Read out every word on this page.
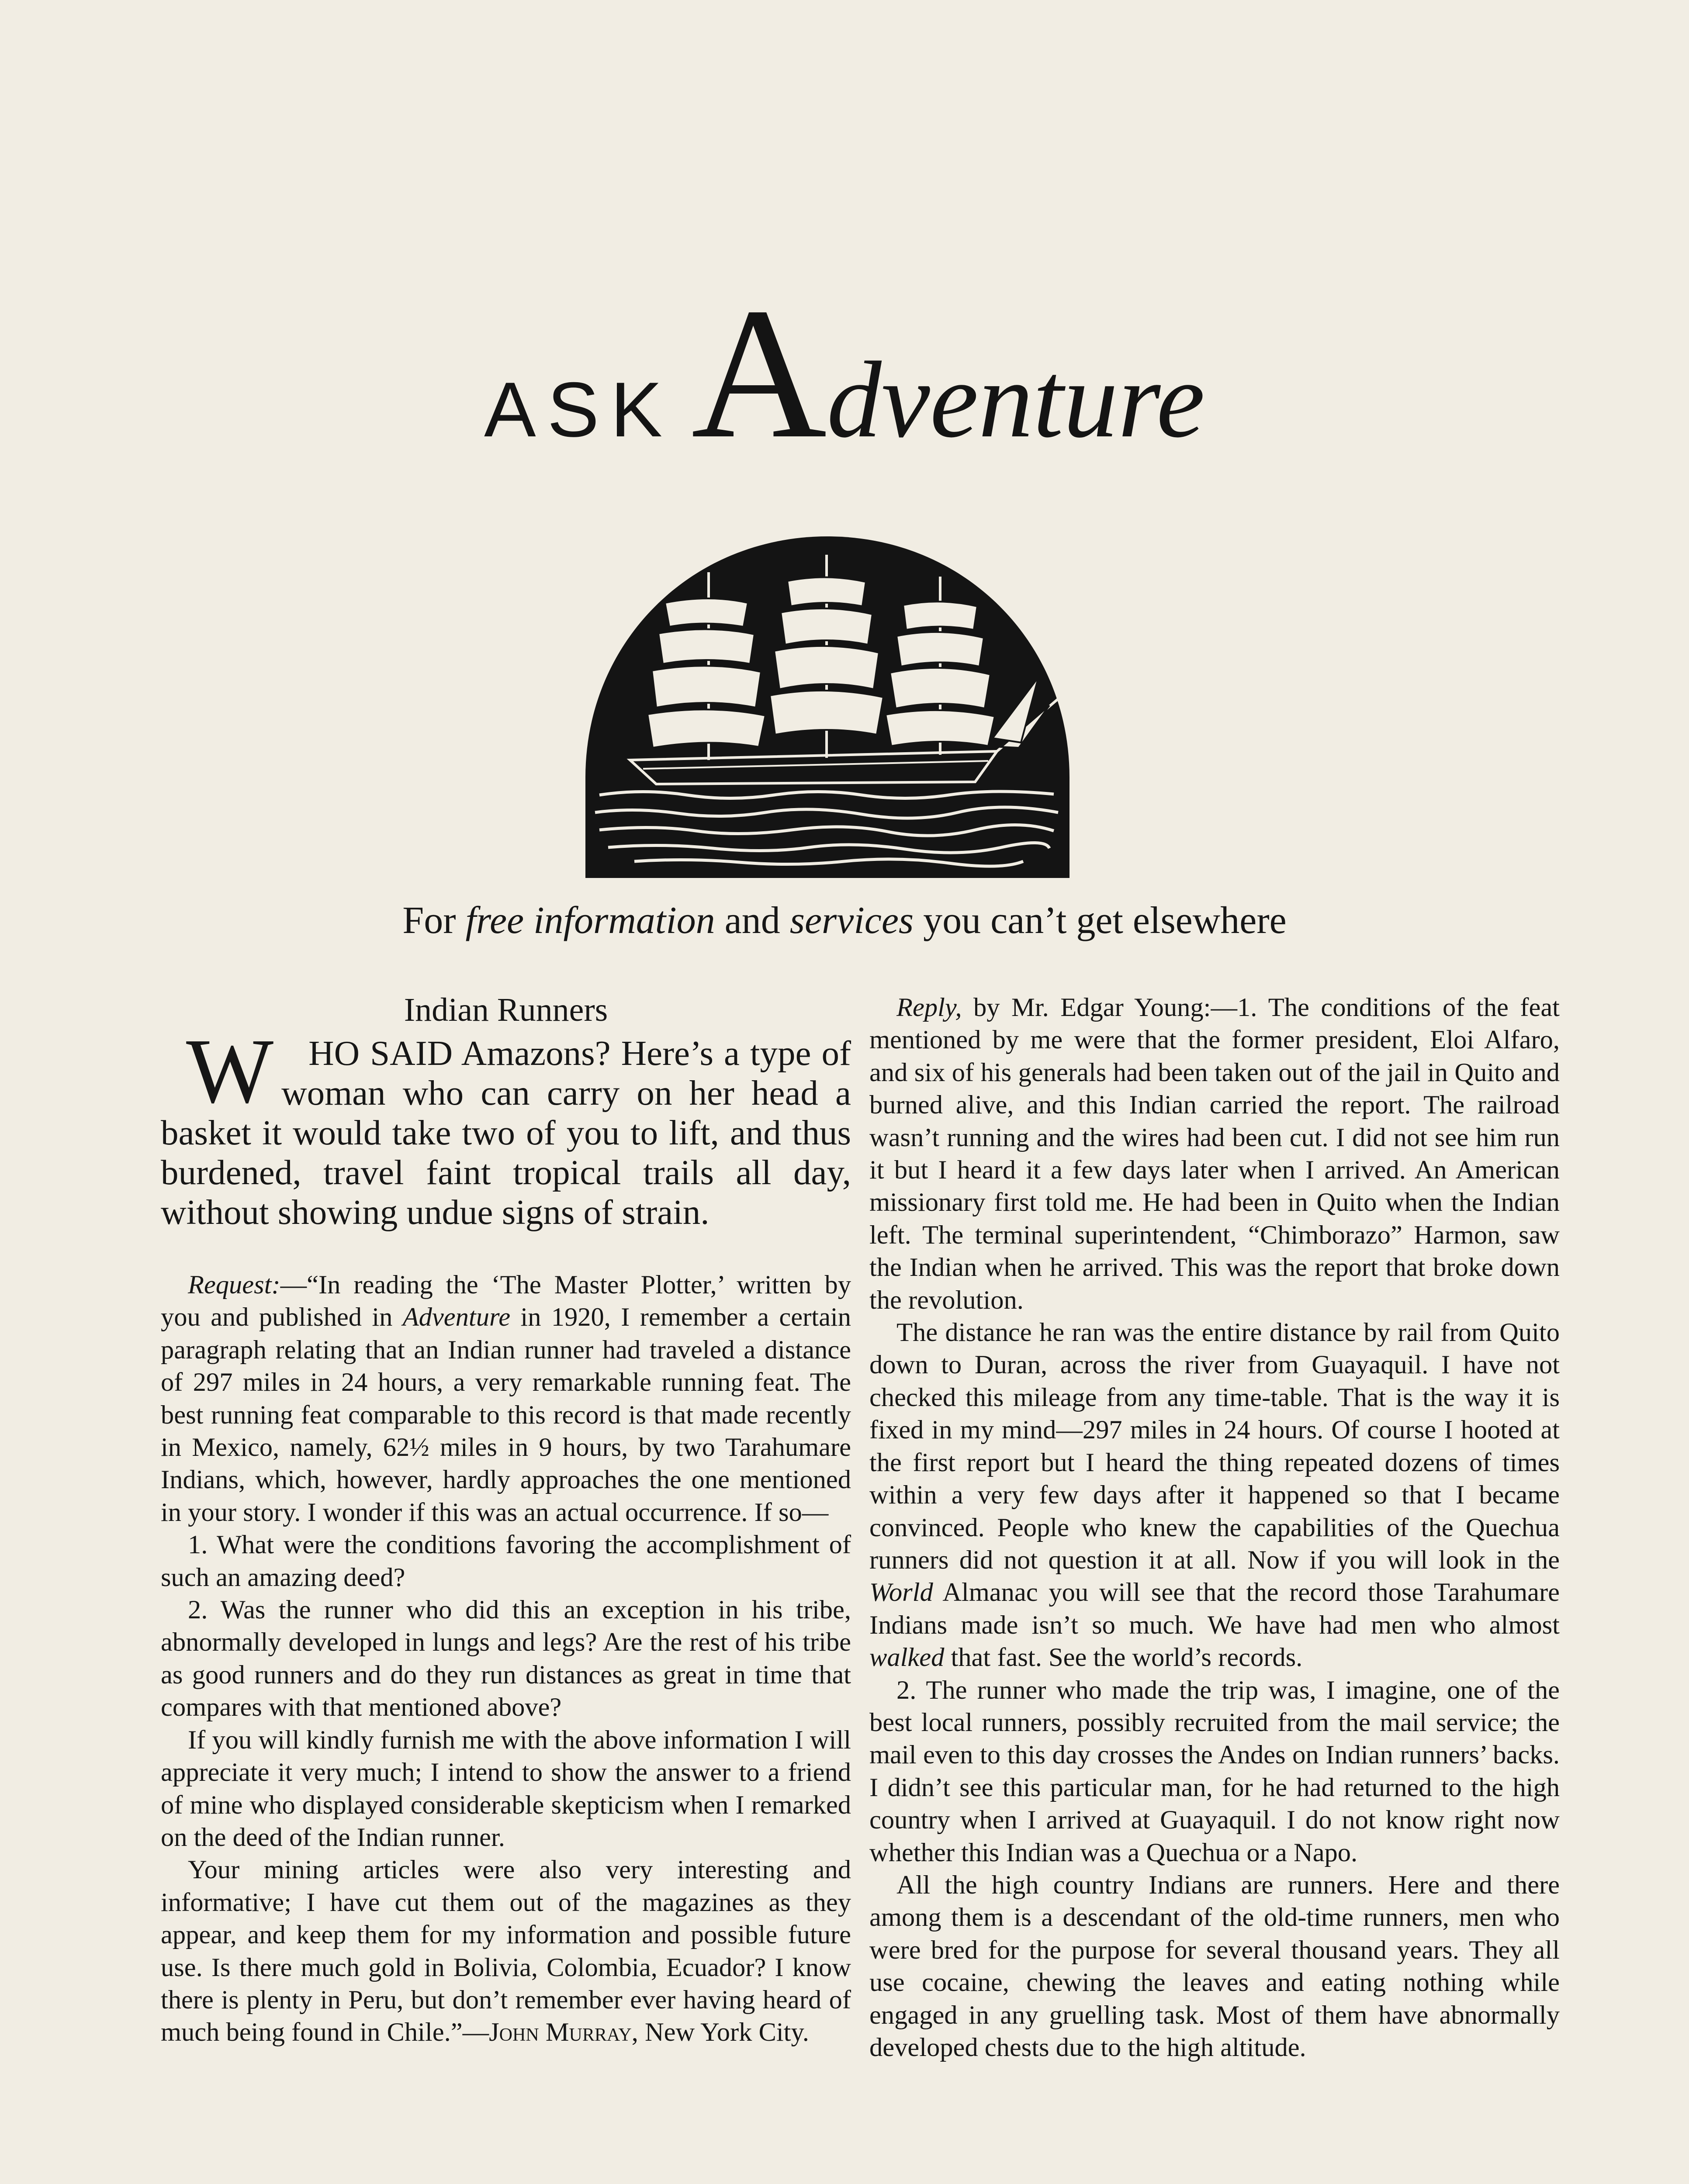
ASKAdventure
For free information and services you can’t get elsewhere
Indian Runners

WHO SAID Amazons? Here’s a type of woman who can carry on her head a basket it would take two of you to lift, and thus burdened, travel faint tropical trails all day, without showing undue signs of strain.

Request:—“In reading the ‘The Master Plotter,’ written by you and published in Adventure in 1920, I remember a certain paragraph relating that an Indian runner had traveled a distance of 297 miles in 24 hours, a very remarkable running feat. The best running feat comparable to this record is that made recently in Mexico, namely, 62½ miles in 9 hours, by two Tarahumare Indians, which, however, hardly approaches the one mentioned in your story. I wonder if this was an actual occurrence. If so—

1. What were the conditions favoring the accomplishment of such an amazing deed?

2. Was the runner who did this an exception in his tribe, abnormally developed in lungs and legs? Are the rest of his tribe as good runners and do they run distances as great in time that compares with that mentioned above?

If you will kindly furnish me with the above information I will appreciate it very much; I intend to show the answer to a friend of mine who displayed considerable skepticism when I remarked on the deed of the Indian runner.

Your mining articles were also very interesting and informative; I have cut them out of the magazines as they appear, and keep them for my information and possible future use. Is there much gold in Bolivia, Colombia, Ecuador? I know there is plenty in Peru, but don’t remember ever having heard of much being found in Chile.”—John Murray, New York City.

Reply, by Mr. Edgar Young:—1. The conditions of the feat mentioned by me were that the former president, Eloi Alfaro, and six of his generals had been taken out of the jail in Quito and burned alive, and this Indian carried the report. The railroad wasn’t running and the wires had been cut. I did not see him run it but I heard it a few days later when I arrived. An American missionary first told me. He had been in Quito when the Indian left. The terminal superintendent, “Chimborazo” Harmon, saw the Indian when he arrived. This was the report that broke down the revolution.

The distance he ran was the entire distance by rail from Quito down to Duran, across the river from Guayaquil. I have not checked this mileage from any time-table. That is the way it is fixed in my mind—297 miles in 24 hours. Of course I hooted at the first report but I heard the thing repeated dozens of times within a very few days after it happened so that I became convinced. People who knew the capabilities of the Quechua runners did not question it at all. Now if you will look in the World Almanac you will see that the record those Tarahumare Indians made isn’t so much. We have had men who almost walked that fast. See the world’s records.

2. The runner who made the trip was, I imagine, one of the best local runners, possibly recruited from the mail service; the mail even to this day crosses the Andes on Indian runners’ backs. I didn’t see this particular man, for he had returned to the high country when I arrived at Guayaquil. I do not know right now whether this Indian was a Quechua or a Napo.

All the high country Indians are runners. Here and there among them is a descendant of the old-time runners, men who were bred for the purpose for several thousand years. They all use cocaine, chewing the leaves and eating nothing while engaged in any gruelling task. Most of them have abnormally developed chests due to the high altitude.
